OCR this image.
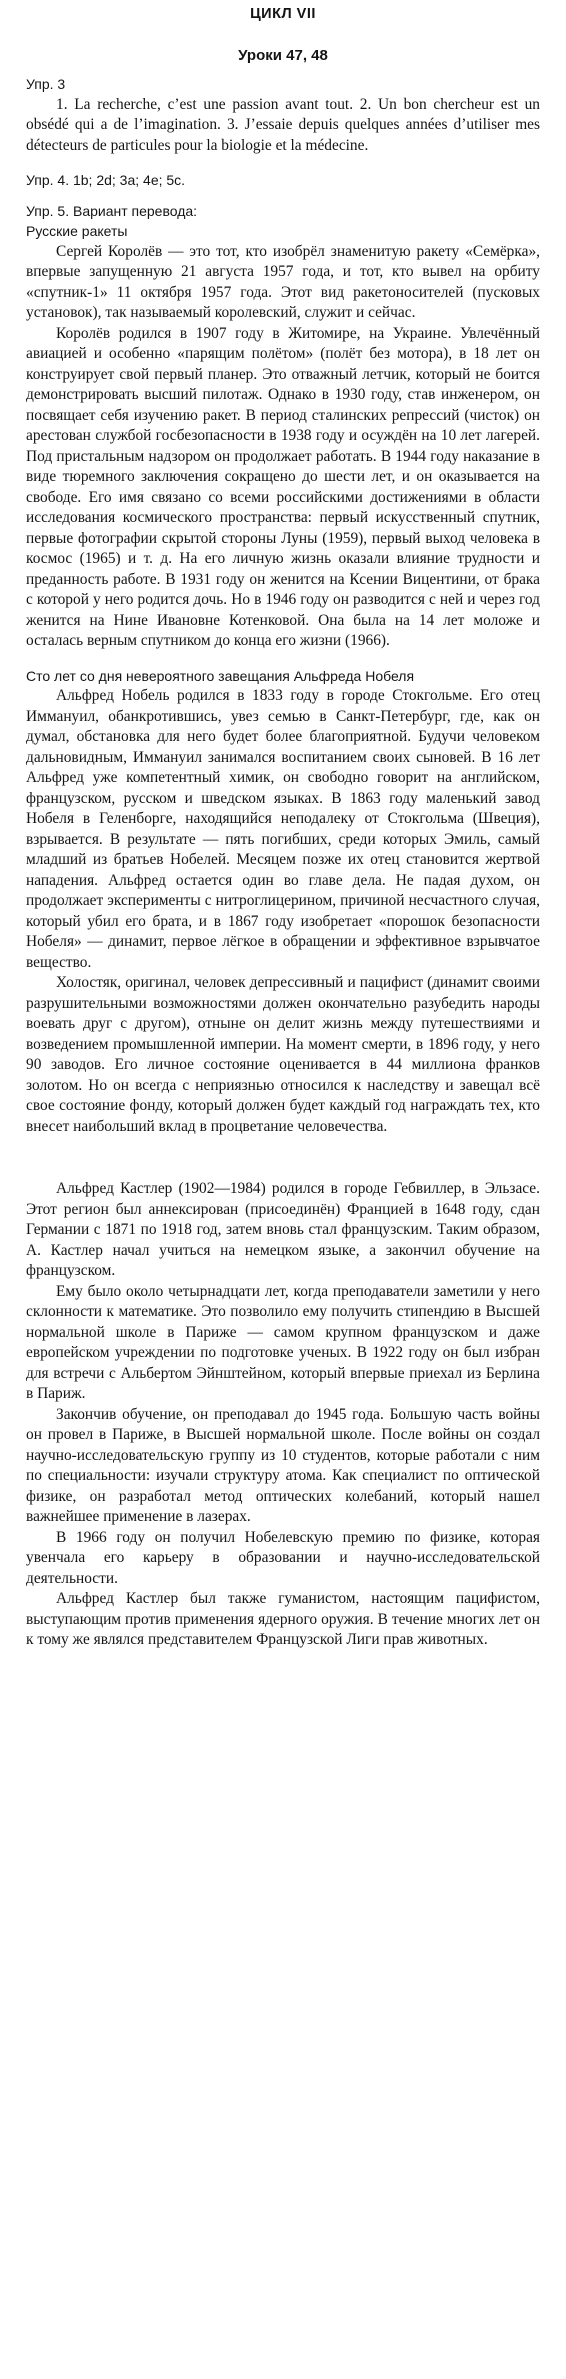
ЦИКЛ VII
Уроки 47, 48
Упр. 3

1. La recherche, c’est une passion avant tout. 2. Un bon chercheur est un obsédé qui a de l’imagination. 3. J’essaie depuis quelques années d’utiliser mes détecteurs de particules pour la biologie et la médecine.

Упр. 4. 1b; 2d; 3a; 4e; 5c.
Упр. 5. Вариант перевода:
Русские ракеты

Сергей Королёв — это тот, кто изобрёл знаменитую ракету «Семёрка», впервые запущенную 21 августа 1957 года, и тот, кто вывел на орбиту «спутник-1» 11 октября 1957 года. Этот вид ракетоносителей (пусковых установок), так называемый королевский, служит и сейчас.

Королёв родился в 1907 году в Житомире, на Украине. Увлечённый авиацией и особенно «парящим полётом» (полёт без мотора), в 18 лет он конструирует свой первый планер. Это отважный летчик, который не боится демонстрировать высший пилотаж. Однако в 1930 году, став инженером, он посвящает себя изучению ракет. В период сталинских репрессий (чисток) он арестован службой госбезопасности в 1938 году и осуждён на 10 лет лагерей. Под пристальным надзором он продолжает работать. В 1944 году наказание в виде тюремного заключения сокращено до шести лет, и он оказывается на свободе. Его имя связано со всеми российскими достижениями в области исследования космического пространства: первый искусственный спутник, первые фотографии скрытой стороны Луны (1959), первый выход человека в космос (1965) и т. д. На его личную жизнь оказали влияние трудности и преданность работе. В 1931 году он женится на Ксении Вицентини, от брака с которой у него родится дочь. Но в 1946 году он разводится с ней и через год женится на Нине Ивановне Котенковой. Она была на 14 лет моложе и осталась верным спутником до конца его жизни (1966).

Сто лет со дня невероятного завещания Альфреда Нобеля

Альфред Нобель родился в 1833 году в городе Стокгольме. Его отец Иммануил, обанкротившись, увез семью в Санкт-Петербург, где, как он думал, обстановка для него будет более благоприятной. Будучи человеком дальновидным, Иммануил занимался воспитанием своих сыновей. В 16 лет Альфред уже компетентный химик, он свободно говорит на английском, французском, русском и шведском языках. В 1863 году маленький завод Нобеля в Геленборге, находящийся неподалеку от Стокгольма (Швеция), взрывается. В результате — пять погибших, среди которых Эмиль, самый младший из братьев Нобелей. Месяцем позже их отец становится жертвой нападения. Альфред остается один во главе дела. Не падая духом, он продолжает эксперименты с нитроглицерином, причиной несчастного случая, который убил его брата, и в 1867 году изобретает «порошок безопасности Нобеля» — динамит, первое лёгкое в обращении и эффективное взрывчатое вещество.

Холостяк, оригинал, человек депрессивный и пацифист (динамит своими разрушительными возможностями должен окончательно разубедить народы воевать друг с другом), отныне он делит жизнь между путешествиями и возведением промышленной империи. На момент смерти, в 1896 году, у него 90 заводов. Его личное состояние оценивается в 44 миллиона франков золотом. Но он всегда с неприязнью относился к наследству и завещал всё свое состояние фонду, который должен будет каждый год награждать тех, кто внесет наибольший вклад в процветание человечества.

Альфред Кастлер (1902—1984) родился в городе Гебвиллер, в Эльзасе. Этот регион был аннексирован (присоединён) Францией в 1648 году, сдан Германии с 1871 по 1918 год, затем вновь стал французским. Таким образом, А. Кастлер начал учиться на немецком языке, а закончил обучение на французском.

Ему было около четырнадцати лет, когда преподаватели заметили у него склонности к математике. Это позволило ему получить стипендию в Высшей нормальной школе в Париже — самом крупном французском и даже европейском учреждении по подготовке ученых. В 1922 году он был избран для встречи с Альбертом Эйнштейном, который впервые приехал из Берлина в Париж.

Закончив обучение, он преподавал до 1945 года. Большую часть войны он провел в Париже, в Высшей нормальной школе. После войны он создал научно-исследовательскую группу из 10 студентов, которые работали с ним по специальности: изучали структуру атома. Как специалист по оптической физике, он разработал метод оптических колебаний, который нашел важнейшее применение в лазерах.

В 1966 году он получил Нобелевскую премию по физике, которая увенчала его карьеру в образовании и научно-исследовательской деятельности.

Альфред Кастлер был также гуманистом, настоящим пацифистом, выступающим против применения ядерного оружия. В течение многих лет он к тому же являлся представителем Французской Лиги прав животных.
